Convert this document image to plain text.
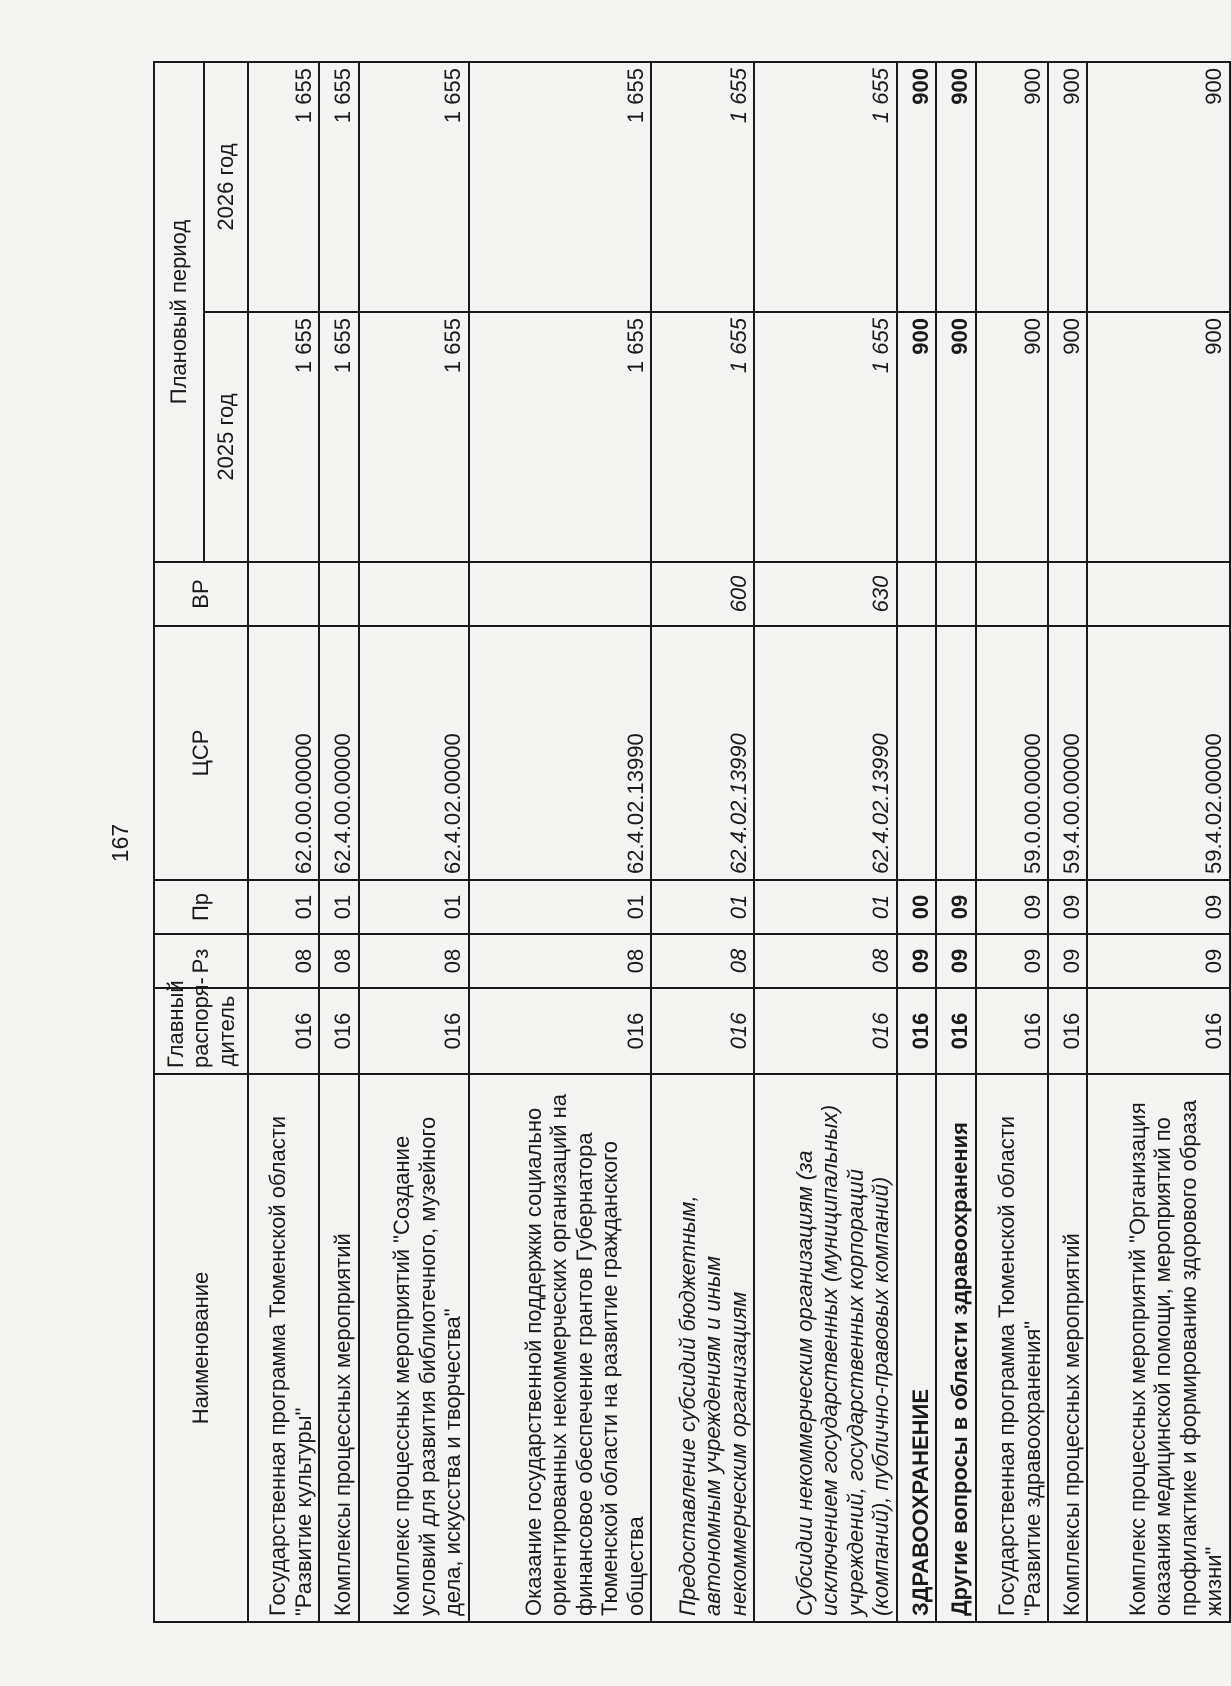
167
Наименование	Главный распоря-дитель	Рз	Пр	ЦСР	ВР	Плановый период	
						2025 год	2026 год
Государственная программа Тюменской области "Развитие культуры"	016	08	01	62.0.00.00000		1 655	1 655
Комплексы процессных мероприятий	016	08	01	62.4.00.00000		1 655	1 655
Комплекс процессных мероприятий "Создание условий для развития библиотечного, музейного дела, искусства и творчества"	016	08	01	62.4.02.00000		1 655	1 655
Оказание государственной поддержки социально ориентированных некоммерческих организаций на финансовое обеспечение грантов Губернатора Тюменской области на развитие гражданского общества	016	08	01	62.4.02.13990		1 655	1 655
Предоставление субсидий бюджетным, автономным учреждениям и иным некоммерческим организациям	016	08	01	62.4.02.13990	600	1 655	1 655
Субсидии некоммерческим организациям (за исключением государственных (муниципальных) учреждений, государственных корпораций (компаний), публично-правовых компаний)	016	08	01	62.4.02.13990	630	1 655	1 655
ЗДРАВООХРАНЕНИЕ	016	09	00			900	900
Другие вопросы в области здравоохранения	016	09	09			900	900
Государственная программа Тюменской области "Развитие здравоохранения"	016	09	09	59.0.00.00000		900	900
Комплексы процессных мероприятий	016	09	09	59.4.00.00000		900	900
Комплекс процессных мероприятий "Организация оказания медицинской помощи, мероприятий по профилактике и формированию здорового образа жизни"	016	09	09	59.4.02.00000		900	900
